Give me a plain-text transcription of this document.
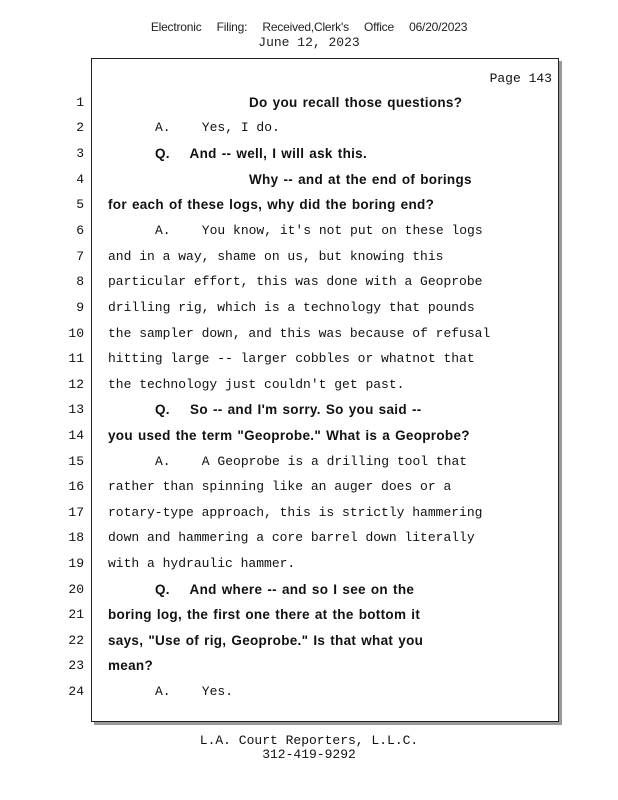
Electronic Filing: Received,Clerk's Office 06/20/2023
June 12, 2023
Page 143
1	Do you recall those questions?
2	A.    Yes, I do.
3	Q.    And -- well, I will ask this.
4	Why -- and at the end of borings
5 for each of these logs, why did the boring end?
6	A.    You know, it's not put on these logs
7 and in a way, shame on us, but knowing this
8 particular effort, this was done with a Geoprobe
9 drilling rig, which is a technology that pounds
10 the sampler down, and this was because of refusal
11 hitting large -- larger cobbles or whatnot that
12 the technology just couldn't get past.
13	Q.    So -- and I'm sorry. So you said --
14 you used the term "Geoprobe." What is a Geoprobe?
15	A.    A Geoprobe is a drilling tool that
16 rather than spinning like an auger does or a
17 rotary-type approach, this is strictly hammering
18 down and hammering a core barrel down literally
19 with a hydraulic hammer.
20	Q.    And where -- and so I see on the
21 boring log, the first one there at the bottom it
22 says, "Use of rig, Geoprobe." Is that what you
23 mean?
24	A.    Yes.
L.A. Court Reporters, L.L.C.
312-419-9292
